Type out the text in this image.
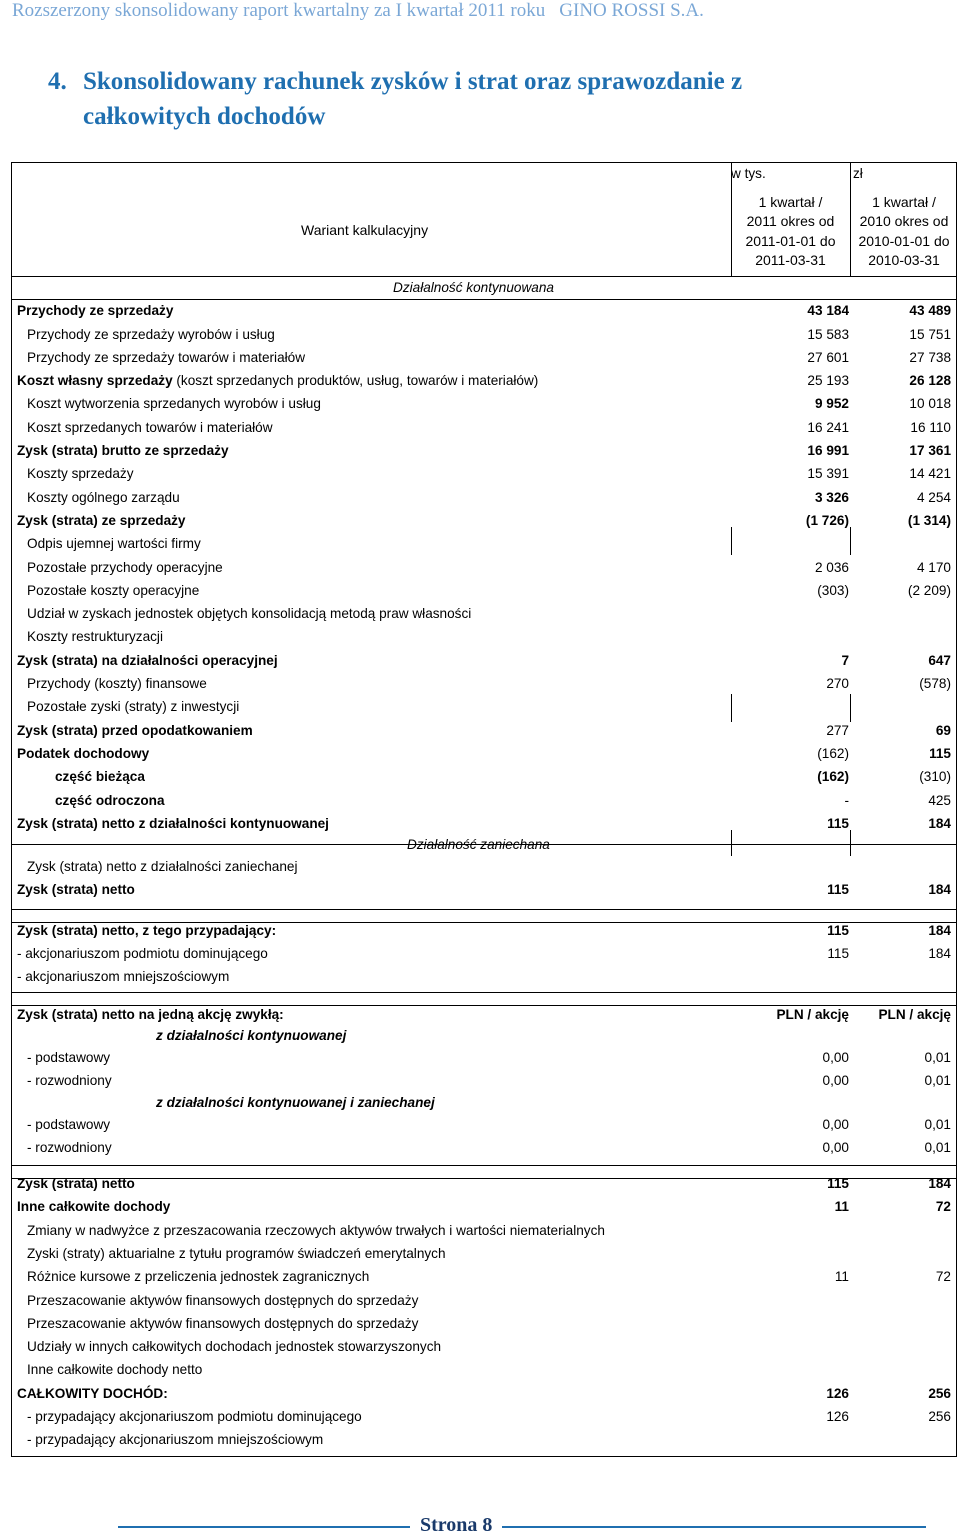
Rozszerzony skonsolidowany raport kwartalny za I kwartał 2011 roku GINO ROSSI S.A.
4. Skonsolidowany rachunek zysków i strat oraz sprawozdanie z
całkowitych dochodów
w tys.	zł
Wariant kalkulacyjny
1 kwartał /
2011 okres od
2011-01-01 do
2011-03-31
1 kwartał /
2010 okres od
2010-01-01 do
2010-03-31
Działalność kontynuowana
Przychody ze sprzedaży	43 184	43 489
Przychody ze sprzedaży wyrobów i usług	15 583	15 751
Przychody ze sprzedaży towarów i materiałów	27 601	27 738
Koszt własny sprzedaży (koszt sprzedanych produktów, usług, towarów i materiałów)	25 193	26 128
Koszt wytworzenia sprzedanych wyrobów i usług	9 952	10 018
Koszt sprzedanych towarów i materiałów	16 241	16 110
Zysk (strata) brutto ze sprzedaży	16 991	17 361
Koszty sprzedaży	15 391	14 421
Koszty ogólnego zarządu	3 326	4 254
Zysk (strata) ze sprzedaży	(1 726)	(1 314)
Odpis ujemnej wartości firmy
Pozostałe przychody operacyjne	2 036	4 170
Pozostałe koszty operacyjne	(303)	(2 209)
Udział w zyskach jednostek objętych konsolidacją metodą praw własności
Koszty restrukturyzacji
Zysk (strata) na działalności operacyjnej	7	647
Przychody (koszty) finansowe	270	(578)
Pozostałe zyski (straty) z inwestycji
Zysk (strata) przed opodatkowaniem	277	69
Podatek dochodowy	(162)	115
część bieżąca	(162)	(310)
część odroczona	-	425
Zysk (strata) netto z działalności kontynuowanej	115	184
Działalność zaniechana
Zysk (strata) netto z działalności zaniechanej
Zysk (strata) netto	115	184
Zysk (strata) netto, z tego przypadający:	115	184
- akcjonariuszom podmiotu dominującego	115	184
- akcjonariuszom mniejszościowym
Zysk (strata) netto na jedną akcję zwykłą:	PLN / akcję	PLN / akcję
z działalności kontynuowanej
- podstawowy	0,00	0,01
- rozwodniony	0,00	0,01
z działalności kontynuowanej i zaniechanej
- podstawowy	0,00	0,01
- rozwodniony	0,00	0,01
Zysk (strata) netto	115	184
Inne całkowite dochody	11	72
Zmiany w nadwyżce z przeszacowania rzeczowych aktywów trwałych i wartości niematerialnych
Zyski (straty) aktuarialne z tytułu programów świadczeń emerytalnych
Różnice kursowe z przeliczenia jednostek zagranicznych	11	72
Przeszacowanie aktywów finansowych dostępnych do sprzedaży
Przeszacowanie aktywów finansowych dostępnych do sprzedaży
Udziały w innych całkowitych dochodach jednostek stowarzyszonych
Inne całkowite dochody netto
CAŁKOWITY DOCHÓD:	126	256
- przypadający akcjonariuszom podmiotu dominującego	126	256
- przypadający akcjonariuszom mniejszościowym
Strona 8
